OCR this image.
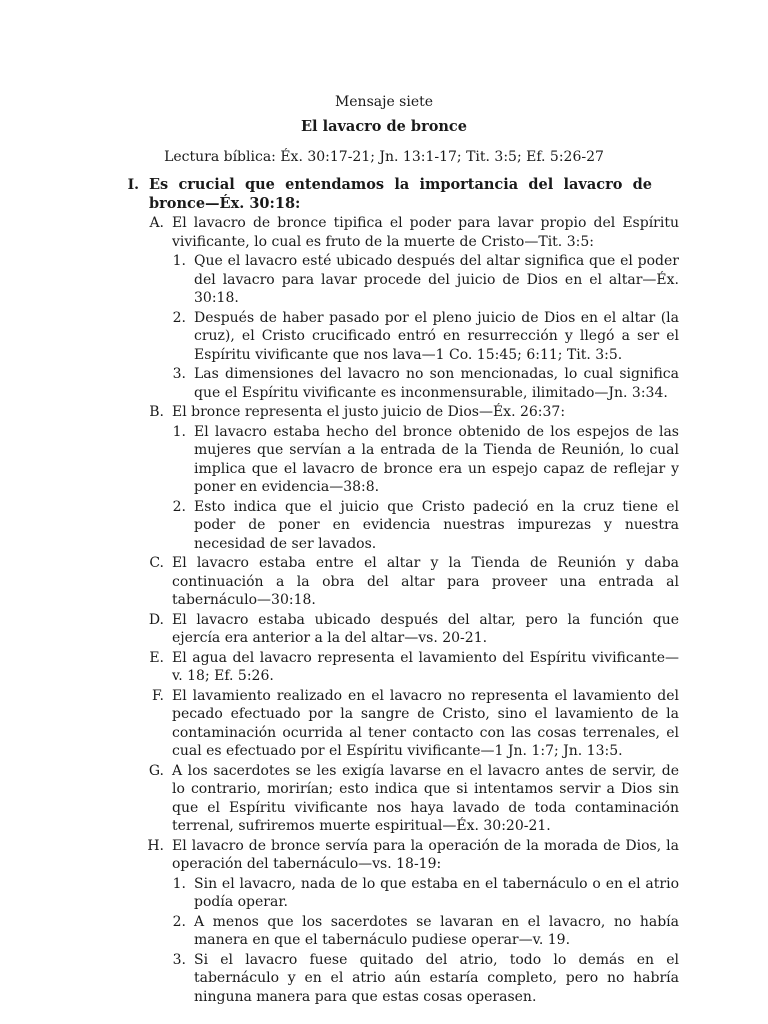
Mensaje siete
El lavacro de bronce
Lectura bíblica: Éx. 30:17-21; Jn. 13:1-17; Tit. 3:5; Ef. 5:26-27
I. Es crucial que entendamos la importancia del lavacro de bronce—Éx. 30:18:
A. El lavacro de bronce tipifica el poder para lavar propio del Espíritu vivificante, lo cual es fruto de la muerte de Cristo—Tit. 3:5:
1. Que el lavacro esté ubicado después del altar significa que el poder del lavacro para lavar procede del juicio de Dios en el altar—Éx. 30:18.
2. Después de haber pasado por el pleno juicio de Dios en el altar (la cruz), el Cristo crucificado entró en resurrección y llegó a ser el Espíritu vivificante que nos lava—1 Co. 15:45; 6:11; Tit. 3:5.
3. Las dimensiones del lavacro no son mencionadas, lo cual significa que el Espíritu vivificante es inconmensurable, ilimitado—Jn. 3:34.
B. El bronce representa el justo juicio de Dios—Éx. 26:37:
1. El lavacro estaba hecho del bronce obtenido de los espejos de las mujeres que servían a la entrada de la Tienda de Reunión, lo cual implica que el lavacro de bronce era un espejo capaz de reflejar y poner en evidencia—38:8.
2. Esto indica que el juicio que Cristo padeció en la cruz tiene el poder de poner en evidencia nuestras impurezas y nuestra necesidad de ser lavados.
C. El lavacro estaba entre el altar y la Tienda de Reunión y daba continuación a la obra del altar para proveer una entrada al tabernáculo—30:18.
D. El lavacro estaba ubicado después del altar, pero la función que ejercía era anterior a la del altar—vs. 20-21.
E. El agua del lavacro representa el lavamiento del Espíritu vivificante—v. 18; Ef. 5:26.
F. El lavamiento realizado en el lavacro no representa el lavamiento del pecado efectuado por la sangre de Cristo, sino el lavamiento de la contaminación ocurrida al tener contacto con las cosas terrenales, el cual es efectuado por el Espíritu vivificante—1 Jn. 1:7; Jn. 13:5.
G. A los sacerdotes se les exigía lavarse en el lavacro antes de servir, de lo contrario, morirían; esto indica que si intentamos servir a Dios sin que el Espíritu vivificante nos haya lavado de toda contaminación terrenal, sufriremos muerte espiritual—Éx. 30:20-21.
H. El lavacro de bronce servía para la operación de la morada de Dios, la operación del tabernáculo—vs. 18-19:
1. Sin el lavacro, nada de lo que estaba en el tabernáculo o en el atrio podía operar.
2. A menos que los sacerdotes se lavaran en el lavacro, no había manera en que el tabernáculo pudiese operar—v. 19.
3. Si el lavacro fuese quitado del atrio, todo lo demás en el tabernáculo y en el atrio aún estaría completo, pero no habría ninguna manera para que estas cosas operasen.
